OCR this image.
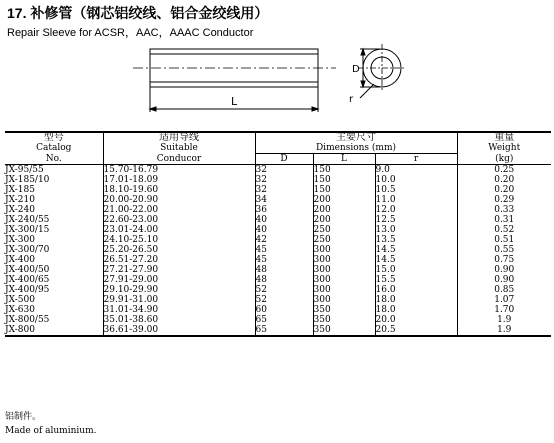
17. 补修管（钢芯铝绞线、铝合金绞线用）
Repair Sleeve for ACSR，AAC，AAAC Conductor
D
L	r
型号	适用导线	主要尺寸			重量
Catalog	Suitable	Dimensions (mm)			Weight
No.	Conducor	D	L	r	(kg)
JX-95/55	15.70-16.79	32	150	9.0	0.25
JX-185/10	17.01-18.09	32	150	10.0	0.20
JX-185	18.10-19.60	32	150	10.5	0.20
JX-210	20.00-20.90	34	200	11.0	0.29
JX-240	21.00-22.00	36	200	12.0	0.33
JX-240/55	22.60-23.00	40	200	12.5	0.31
JX-300/15	23.01-24.00	40	250	13.0	0.52
JX-300	24.10-25.10	42	250	13.5	0.51
JX-300/70	25.20-26.50	45	300	14.5	0.55
JX-400	26.51-27.20	45	300	14.5	0.75
JX-400/50	27.21-27.90	48	300	15.0	0.90
JX-400/65	27.91-29.00	48	300	15.5	0.90
JX-400/95	29.10-29.90	52	300	16.0	0.85
JX-500	29.91-31.00	52	300	18.0	1.07
JX-630	31.01-34.90	60	350	18.0	1.70
JX-800/55	35.01-38.60	65	350	20.0	1.9
JX-800	36.61-39.00	65	350	20.5	1.9
铝制件。
Made of aluminium.
